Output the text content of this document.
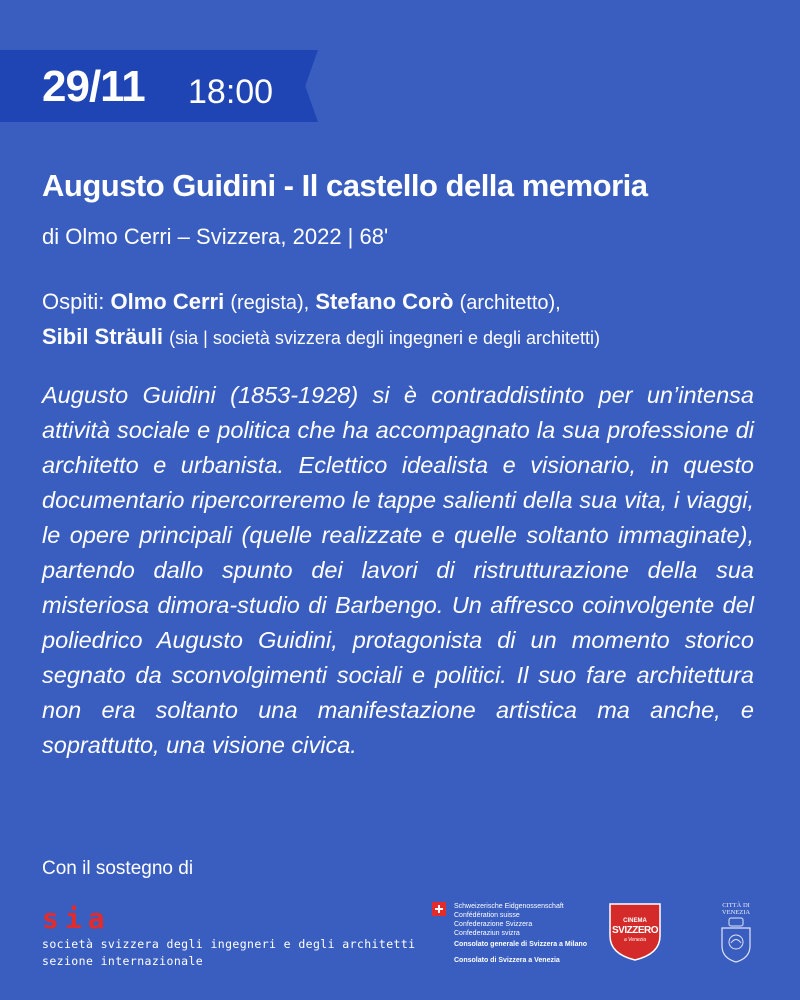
29/11 18:00
Augusto Guidini - Il castello della memoria
di Olmo Cerri – Svizzera, 2022 | 68'
Ospiti: Olmo Cerri (regista), Stefano Corò (architetto),
Sibil Sträuli (sia | società svizzera degli ingegneri e degli architetti)

Augusto Guidini (1853-1928) si è contraddistinto per un’intensa attività sociale e politica che ha accompagnato la sua professione di architetto e urbanista. Eclettico idealista e visionario, in questo documentario ripercorreremo le tappe salienti della sua vita, i viaggi, le opere principali (quelle realizzate e quelle soltanto immaginate), partendo dallo spunto dei lavori di ristrutturazione della sua misteriosa dimora-studio di Barbengo. Un affresco coinvolgente del poliedrico Augusto Guidini, protagonista di un momento storico segnato da sconvolgimenti sociali e politici. Il suo fare architettura non era soltanto una manifestazione artistica ma anche, e soprattutto, una visione civica.

Con il sostegno di
sia
società svizzera degli ingegneri e degli architetti
sezione internazionale
Schweizerische Eidgenossenschaft
Confédération suisse
Confederazione Svizzera
Confederaziun svizra
Consolato generale di Svizzera a Milano
Consolato di Svizzera a Venezia
CINEMA
SVIZZERO
a Venezia
CITTÀ DI
VENEZIA
